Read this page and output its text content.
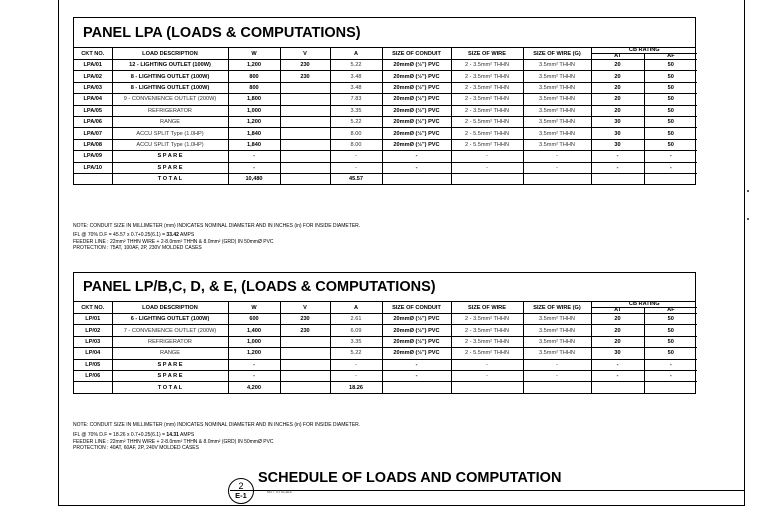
PANEL LPA (LOADS & COMPUTATIONS)
CKT NO.	LOAD DESCRIPTION	W	V	A	SIZE OF CONDUIT	SIZE OF WIRE	SIZE OF WIRE (G)	CB RATING
AT AF	

LPA/01	12 - LIGHTING OUTLET (100W)	1,200	230	5.22	20mmØ (½") PVC	2 - 3.5mm² THHN	3.5mm² THHN	20	50
LPA/02	8 - LIGHTING OUTLET (100W)	800	230	3.48	20mmØ (½") PVC	2 - 3.5mm² THHN	3.5mm² THHN	20	50
LPA/03	8 - LIGHTING OUTLET (100W)	800		3.48	20mmØ (½") PVC	2 - 3.5mm² THHN	3.5mm² THHN	20	50
LPA/04	9 - CONVENIENCE OUTLET (200W)	1,800		7.83	20mmØ (½") PVC	2 - 3.5mm² THHN	3.5mm² THHN	20	50
LPA/05	REFRIGERATOR	1,000		3.35	20mmØ (½") PVC	2 - 3.5mm² THHN	3.5mm² THHN	20	50
LPA/06	RANGE	1,200		5.22	20mmØ (½") PVC	2 - 5.5mm² THHN	3.5mm² THHN	30	50
LPA/07	ACCU SPLIT Type (1.0HP)	1,840		8.00	20mmØ (½") PVC	2 - 5.5mm² THHN	3.5mm² THHN	30	50
LPA/08	ACCU SPLIT Type (1.0HP)	1,840		8.00	20mmØ (½") PVC	2 - 5.5mm² THHN	3.5mm² THHN	30	50
LPA/09	S P A R E	-		-	-	-	-	-	-
LPA/10	S P A R E	-		-	-	-	-	-	-
	T O T A L	10,480		45.57					
NOTE: CONDUIT SIZE IN MILLIMETER (mm) INDICATES NOMINAL DIAMETER AND IN INCHES (in) FOR INSIDE DIAMETER.
IFL @ 70% D.F = 45.57 x 0.7+0.25(6.1) = 33.42 AMPS
FEEDER LINE : 22mm² THHN WIRE + 2-8.0mm² THHN & 8.0mm² (GRD) IN 50mmØ PVC
PROTECTION : 75AT, 100AF, 2P, 230V MOLDED CASES
PANEL LP/B,C, D, & E, (LOADS & COMPUTATIONS)
CKT NO.	LOAD DESCRIPTION	W	V	A	SIZE OF CONDUIT	SIZE OF WIRE	SIZE OF WIRE (G)	CB RATING
AT AF	

LP/01	6 - LIGHTING OUTLET (100W)	600	230	2.61	20mmØ (½") PVC	2 - 3.5mm² THHN	3.5mm² THHN	20	50
LP/02	7 - CONVENIENCE OUTLET (200W)	1,400	230	6.09	20mmØ (½") PVC	2 - 3.5mm² THHN	3.5mm² THHN	20	50
LP/03	REFRIGERATOR	1,000		3.35	20mmØ (½") PVC	2 - 3.5mm² THHN	3.5mm² THHN	20	50
LP/04	RANGE	1,200		5.22	20mmØ (½") PVC	2 - 5.5mm² THHN	3.5mm² THHN	30	50
LP/05	S P A R E	-		-	-	-	-	-	-
LP/06	S P A R E	-		-	-	-	-	-	-
	T O T A L	4,200		18.26					
NOTE: CONDUIT SIZE IN MILLIMETER (mm) INDICATES NOMINAL DIAMETER AND IN INCHES (in) FOR INSIDE DIAMETER.
IFL @ 70% D.F = 18.26 x 0.7+0.25(6.1) = 14.31 AMPS
FEEDER LINE : 22mm² THHN WIRE + 2-8.0mm² THHN & 8.0mm² (GRD) IN 50mmØ PVC
PROTECTION : 40AT, 60AF, 2P, 240V MOLDED CASES
2
E-1
SCHEDULE OF LOADS AND COMPUTATION
NOT TO SCALE
